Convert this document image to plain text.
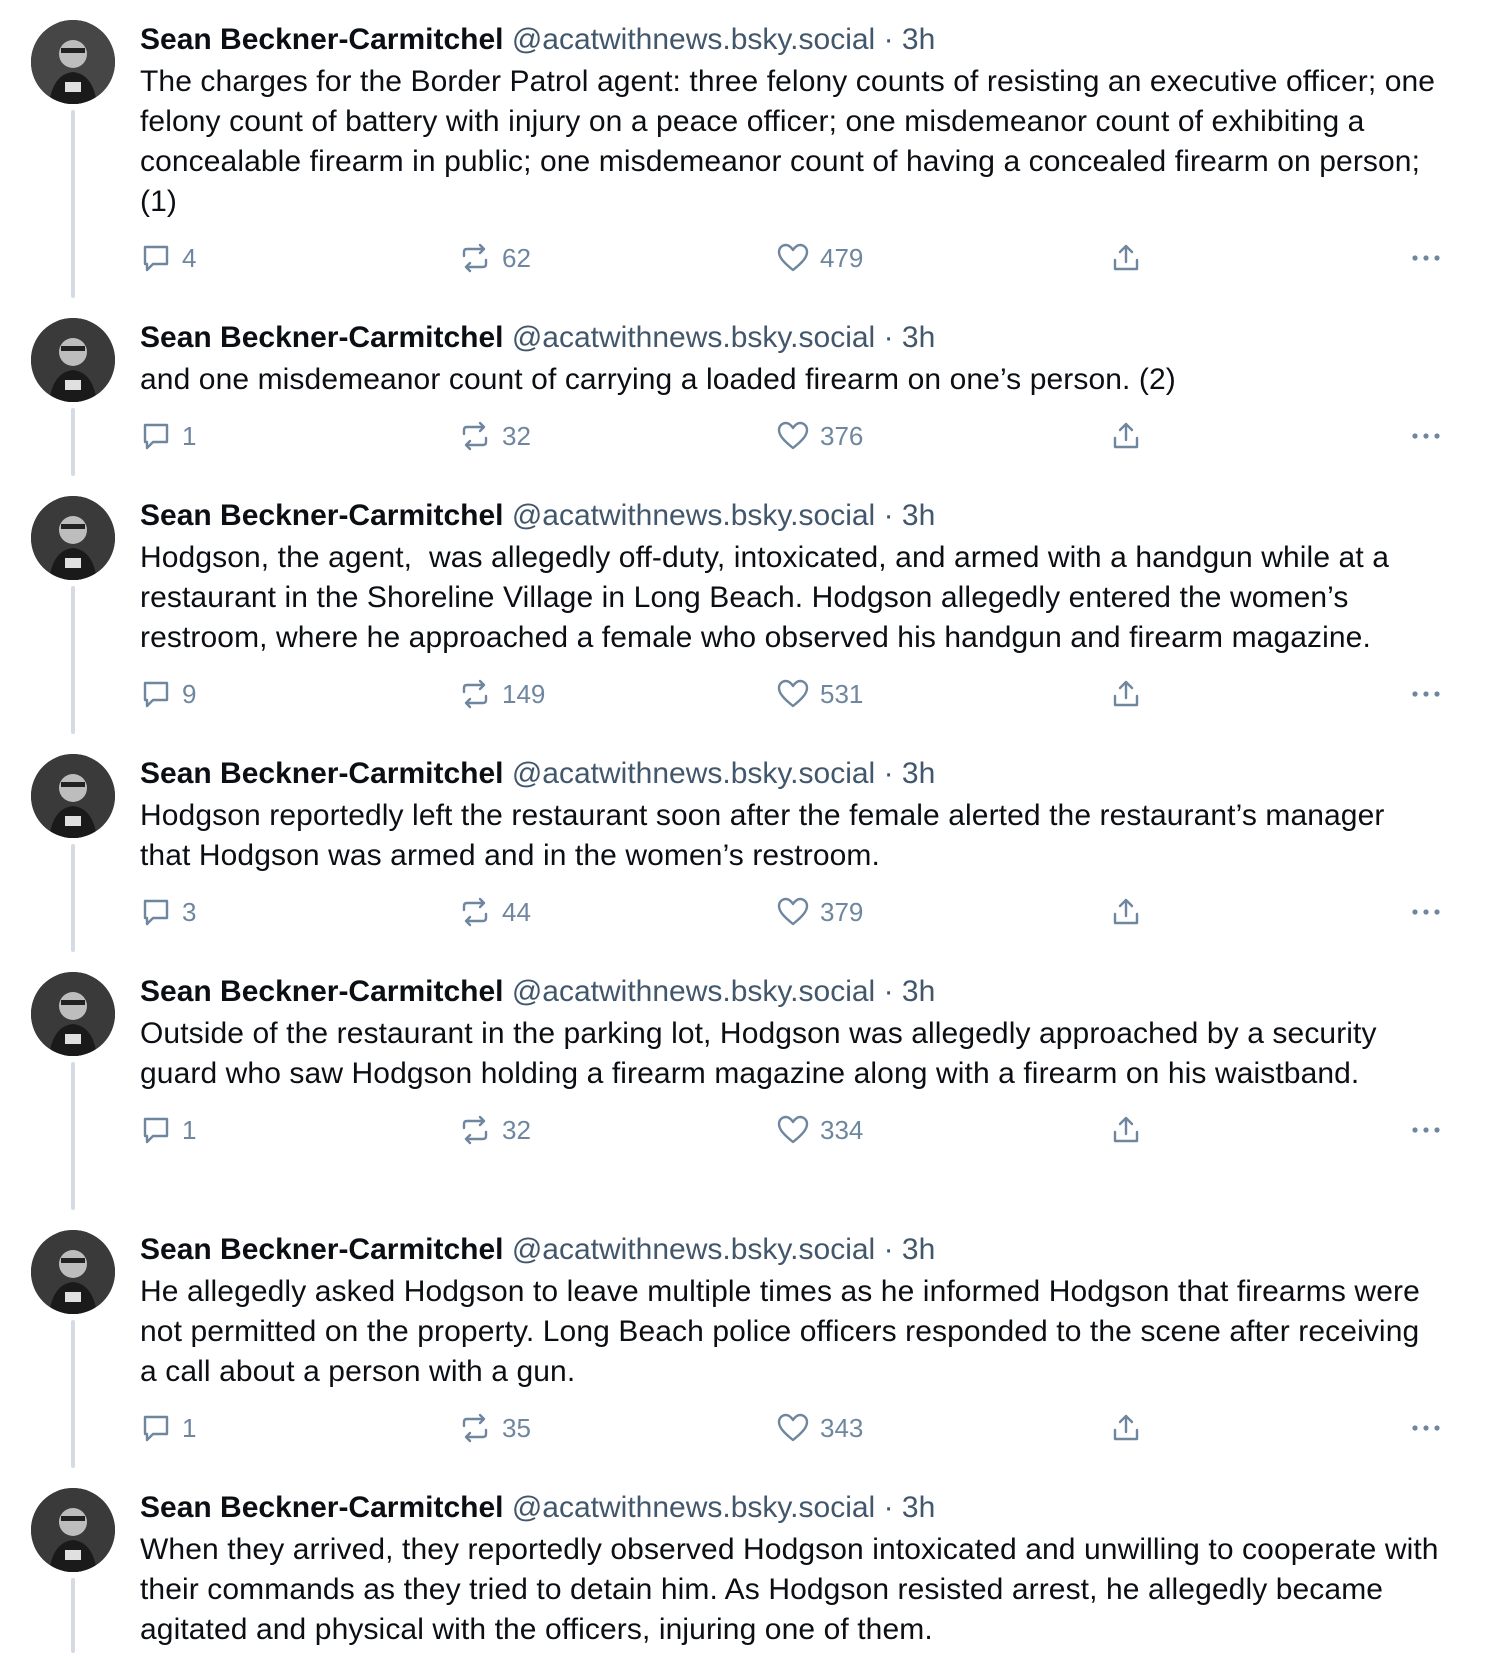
Sean Beckner-Carmitchel @acatwithnews.bsky.social · 3h
The charges for the Border Patrol agent: three felony counts of resisting an executive officer; one felony count of battery with injury on a peace officer; one misdemeanor count of exhibiting a concealable firearm in public; one misdemeanor count of having a concealed firearm on person; (1)
4	62	479
Sean Beckner-Carmitchel @acatwithnews.bsky.social · 3h
and one misdemeanor count of carrying a loaded firearm on one’s person. (2)
1	32	376
Sean Beckner-Carmitchel @acatwithnews.bsky.social · 3h
Hodgson, the agent,  was allegedly off-duty, intoxicated, and armed with a handgun while at a restaurant in the Shoreline Village in Long Beach. Hodgson allegedly entered the women’s restroom, where he approached a female who observed his handgun and firearm magazine.
9	149	531
Sean Beckner-Carmitchel @acatwithnews.bsky.social · 3h
Hodgson reportedly left the restaurant soon after the female alerted the restaurant’s manager that Hodgson was armed and in the women’s restroom.
3	44	379
Sean Beckner-Carmitchel @acatwithnews.bsky.social · 3h
Outside of the restaurant in the parking lot, Hodgson was allegedly approached by a security guard who saw Hodgson holding a firearm magazine along with a firearm on his waistband.
1	32	334
Sean Beckner-Carmitchel @acatwithnews.bsky.social · 3h
He allegedly asked Hodgson to leave multiple times as he informed Hodgson that firearms were not permitted on the property. Long Beach police officers responded to the scene after receiving a call about a person with a gun.
1	35	343
Sean Beckner-Carmitchel @acatwithnews.bsky.social · 3h
When they arrived, they reportedly observed Hodgson intoxicated and unwilling to cooperate with their commands as they tried to detain him. As Hodgson resisted arrest, he allegedly became agitated and physical with the officers, injuring one of them.
